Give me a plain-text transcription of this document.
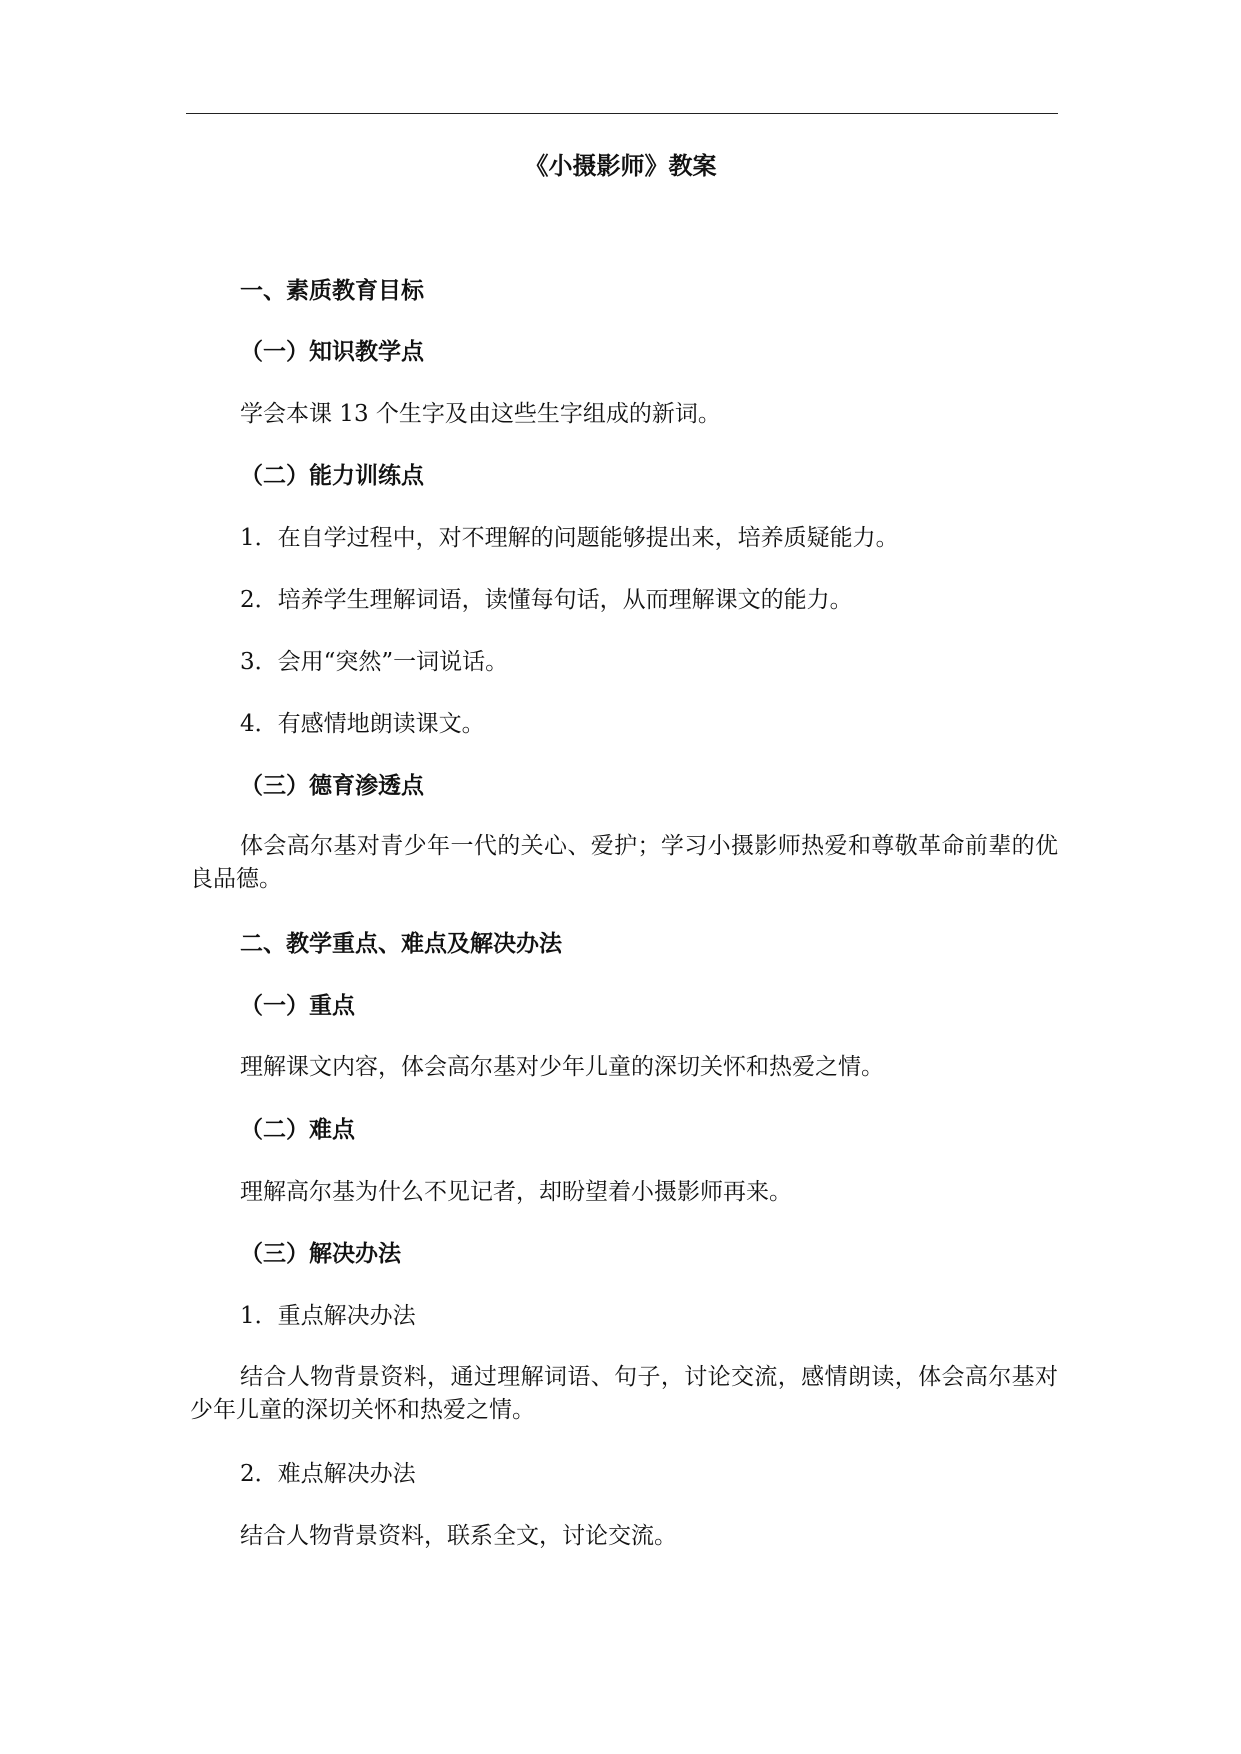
《小摄影师》教案
一、素质教育目标
（一）知识教学点
学会本课 13 个生字及由这些生字组成的新词。
（二）能力训练点
1．在自学过程中，对不理解的问题能够提出来，培养质疑能力。
2．培养学生理解词语，读懂每句话，从而理解课文的能力。
3．会用“突然”一词说话。
4．有感情地朗读课文。
（三）德育渗透点
体会高尔基对青少年一代的关心、爱护；学习小摄影师热爱和尊敬革命前辈的优良品德。
二、教学重点、难点及解决办法
（一）重点
理解课文内容，体会高尔基对少年儿童的深切关怀和热爱之情。
（二）难点
理解高尔基为什么不见记者，却盼望着小摄影师再来。
（三）解决办法
1．重点解决办法
结合人物背景资料，通过理解词语、句子，讨论交流，感情朗读，体会高尔基对少年儿童的深切关怀和热爱之情。
2．难点解决办法
结合人物背景资料，联系全文，讨论交流。
